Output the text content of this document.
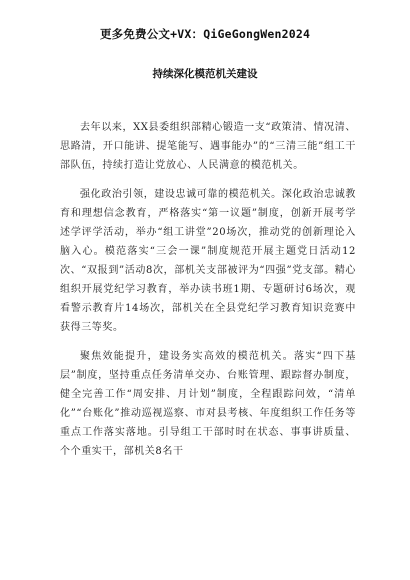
更多免费公文+VX：QiGeGongWen2024
持续深化模范机关建设

去年以来，XX县委组织部精心锻造一支“政策清、情况清、思路清，开口能讲、提笔能写、遇事能办”的“三清三能”组工干部队伍，持续打造让党放心、人民满意的模范机关。

强化政治引领，建设忠诚可靠的模范机关。深化政治忠诚教育和理想信念教育，严格落实“第一议题”制度，创新开展考学述学评学活动，举办“组工讲堂”20场次，推动党的创新理论入脑入心。模范落实“三会一课”制度规范开展主题党日活动12次、“双报到”活动8次，部机关支部被评为“四强”党支部。精心组织开展党纪学习教育，举办读书班1期、专题研讨6场次，观看警示教育片14场次，部机关在全县党纪学习教育知识竞赛中获得三等奖。

聚焦效能提升，建设务实高效的模范机关。落实“四下基层”制度，坚持重点任务清单交办、台账管理、跟踪督办制度，健全完善工作“周安排、月计划”制度，全程跟踪问效，“清单化”“台账化”推动巡视巡察、市对县考核、年度组织工作任务等重点工作落实落地。引导组工干部时时在状态、事事讲质量、个个重实干，部机关8名干
